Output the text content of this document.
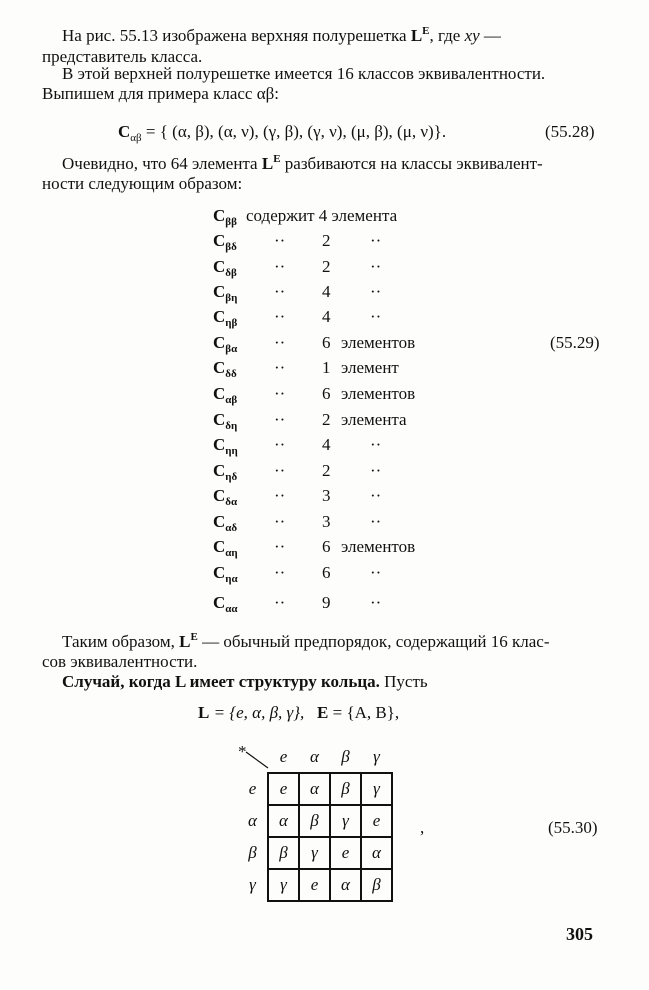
На рис. 55.13 изображена верхняя полурешетка $L^E$, где xy —
представитель класса.
В этой верхней полурешетке имеется 16 классов эквивалентности.
Выпишем для примера класс αβ:
$C_{\alpha\beta}$ = { (α, β), (α, ν), (γ, β), (γ, ν), (μ, β), (μ, ν)}.	(55.28)
Очевидно, что 64 элемента $L^E$ разбиваются на классы эквивалент-
ности следующим образом:
$C_{\beta\beta}$ содержит 4 элемента
$C_{\beta\delta} \cdot\cdot 2$ ··
$C_{\delta\beta} \cdot\cdot 2$ ··
$C_{\beta\eta} \cdot\cdot 4$ ··
$C_{\eta\beta} \cdot\cdot 4$ ··
$C_{\beta\alpha} \cdot\cdot 6$ элементов
$C_{\delta\delta} \cdot\cdot 1$ элемент
$C_{\alpha\beta} \cdot\cdot 6$ элементов
$C_{\delta\eta} \cdot\cdot 2$ элемента
$C_{\eta\eta} \cdot\cdot 4$ ··
$C_{\eta\delta} \cdot\cdot 2$ ··
$C_{\delta\alpha} \cdot\cdot 3$ ··
$C_{\alpha\delta} \cdot\cdot 3$ ··
$C_{\alpha\eta} \cdot\cdot 6$ элементов
$C_{\eta\alpha} \cdot\cdot 6$ ··
$C_{\alpha\alpha} \cdot\cdot 9$ ··
(55.29)
Таким образом, $L^E$ — обычный предпорядок, содержащий 16 клас-
сов эквивалентности.
Случай, когда L имеет структуру кольца. Пусть
L = {e, α, β, γ}, E = {A, B},
*	e	α	β	γ
e	e	α	β	γ
α	α	β	γ	e
β	β	γ	e	α
γ	γ	e	α	β
,	(55.30)
305
